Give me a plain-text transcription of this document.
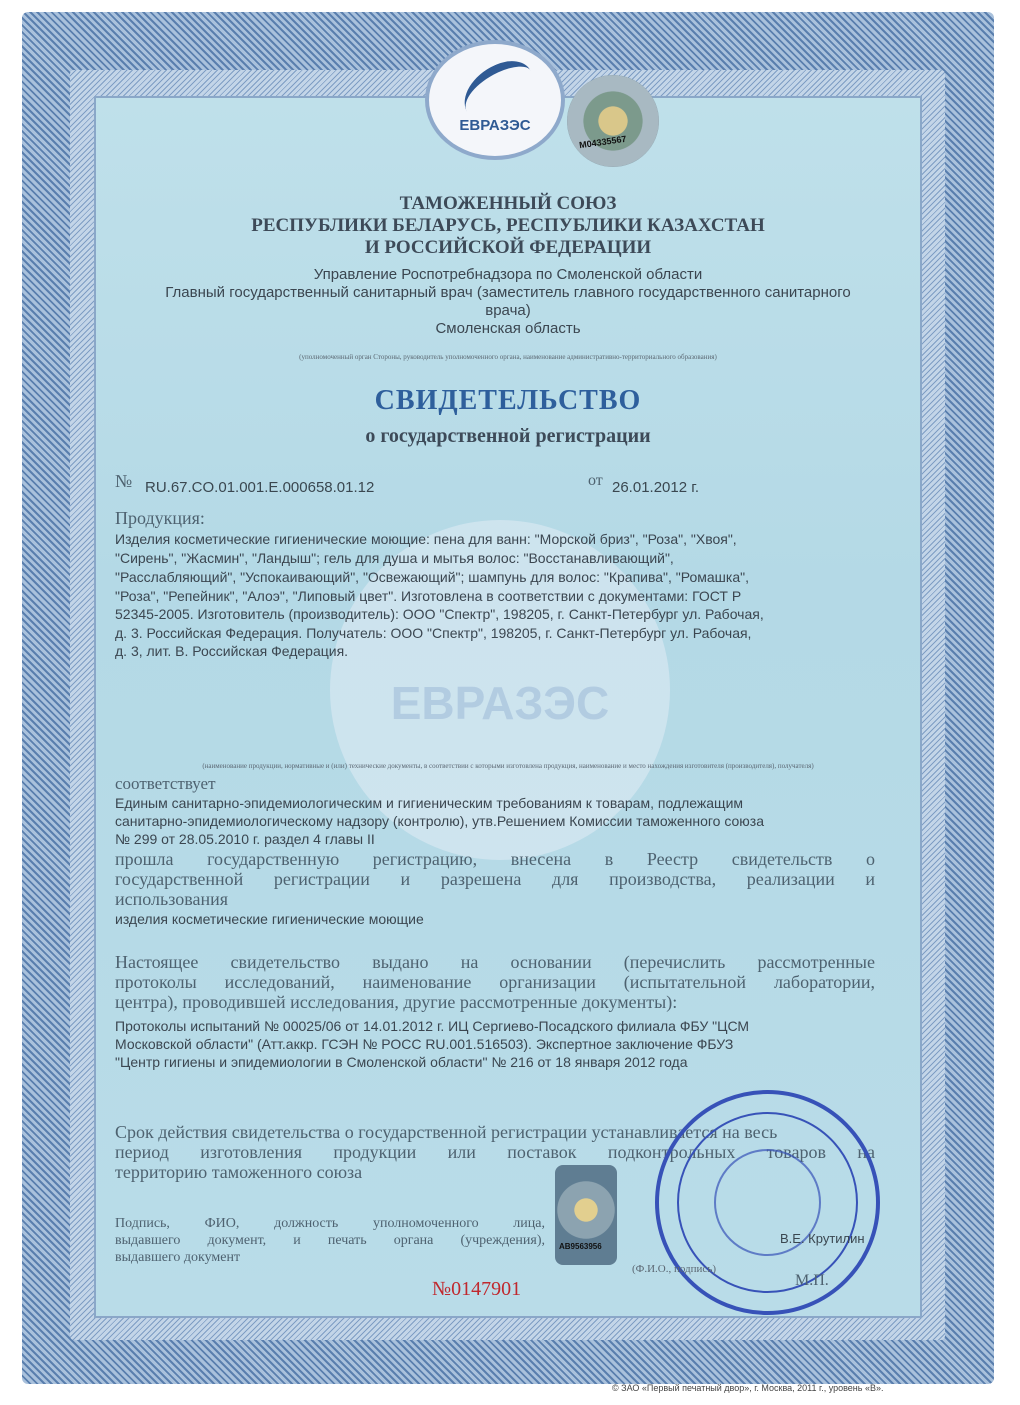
ЕВРАЗЭС
ЕВРАЗЭС
M04335567
ТАМОЖЕННЫЙ СОЮЗ
РЕСПУБЛИКИ БЕЛАРУСЬ, РЕСПУБЛИКИ КАЗАХСТАН
И РОССИЙСКОЙ ФЕДЕРАЦИИ
Управление Роспотребнадзора по Смоленской области
Главный государственный санитарный врач (заместитель главного государственного санитарного
врача)
Смоленская область
(уполномоченный орган Стороны, руководитель уполномоченного органа, наименование административно-территориального образования)
СВИДЕТЕЛЬСТВО
о государственной регистрации
№ RU.67.CO.01.001.E.000658.01.12	от 26.01.2012 г.
Продукция:
Изделия косметические гигиенические моющие: пена для ванн: "Морской бриз", "Роза", "Хвоя",
"Сирень", "Жасмин", "Ландыш"; гель для душа и мытья волос: "Восстанавливающий",
"Расслабляющий", "Успокаивающий", "Освежающий"; шампунь для волос: "Крапива", "Ромашка",
"Роза", "Репейник", "Алоэ", "Липовый цвет". Изготовлена в соответствии с документами: ГОСТ Р
52345-2005. Изготовитель (производитель): ООО "Спектр", 198205, г. Санкт-Петербург ул. Рабочая,
д. 3. Российская Федерация. Получатель: ООО "Спектр", 198205, г. Санкт-Петербург ул. Рабочая,
д. 3, лит. В. Российская Федерация.
(наименование продукции, нормативные и (или) технические документы, в соответствии с которыми изготовлена продукция, наименование и место нахождения изготовителя (производителя), получателя)
соответствует
Единым санитарно-эпидемиологическим и гигиеническим требованиям к товарам, подлежащим
санитарно-эпидемиологическому надзору (контролю), утв.Решением Комиссии таможенного союза
№ 299 от 28.05.2010 г. раздел 4 главы II
прошла государственную регистрацию, внесена в Реестр свидетельств о
государственной регистрации и разрешена для производства, реализации и
использования
изделия косметические гигиенические моющие
Настоящее свидетельство выдано на основании (перечислить рассмотренные
протоколы исследований, наименование организации (испытательной лаборатории,
центра), проводившей исследования, другие рассмотренные документы):
Протоколы испытаний № 00025/06 от 14.01.2012 г. ИЦ Сергиево-Посадского филиала ФБУ "ЦСМ
Московской области" (Атт.аккр. ГСЭН № РОСС RU.001.516503). Экспертное заключение ФБУЗ
"Центр гигиены и эпидемиологии в Смоленской области" № 216 от 18 января 2012 года
Срок действия свидетельства о государственной регистрации устанавливается на весь
период изготовления продукции или поставок подконтрольных товаров на
территорию таможенного союза
Подпись, ФИО, должность уполномоченного лица,
выдавшего документ, и печать органа (учреждения),
выдавшего документ
AB9563956
№0147901
В.Е. Крутилин
(Ф.И.О., подпись)
М.П.
© ЗАО «Первый печатный двор», г. Москва, 2011 г., уровень «В».
